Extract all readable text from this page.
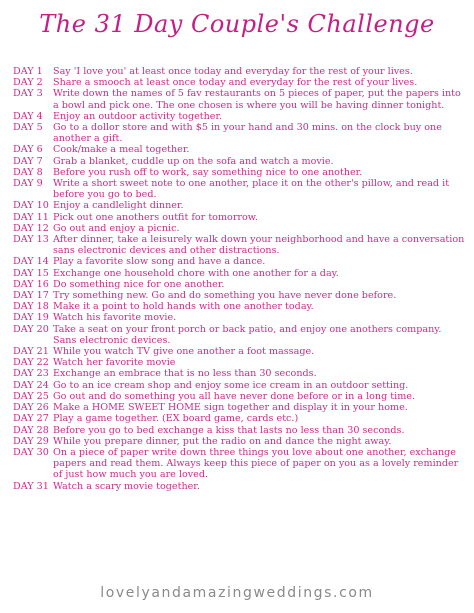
The 31 Day Couple's Challenge
DAY 1	Say 'I love you' at least once today and everyday for the rest of your lives.
DAY 2	Share a smooch at least once today and everyday for the rest of your lives.
DAY 3	Write down the names of 5 fav restaurants on 5 pieces of paper, put the papers into a bowl and pick one. The one chosen is where you will be having dinner tonight.
DAY 4	Enjoy an outdoor activity together.
DAY 5	Go to a dollor store and with $5 in your hand and 30 mins. on the clock buy one another a gift.
DAY 6	Cook/make a meal together.
DAY 7	Grab a blanket, cuddle up on the sofa and watch a movie.
DAY 8	Before you rush off to work, say something nice to one another.
DAY 9	Write a short sweet note to one another, place it on the other's pillow, and read it before you go to bed.
DAY 10 Enjoy a candlelight dinner.
DAY 11 Pick out one anothers outfit for tomorrow.
DAY 12 Go out and enjoy a picnic.
DAY 13 After dinner, take a leisurely walk down your neighborhood and have a conversation sans electronic devices and other distractions.
DAY 14 Play a favorite slow song and have a dance.
DAY 15 Exchange one household chore with one another for a day.
DAY 16 Do something nice for one another.
DAY 17 Try something new. Go and do something you have never done before.
DAY 18 Make it a point to hold hands with one another today.
DAY 19 Watch his favorite movie.
DAY 20 Take a seat on your front porch or back patio, and enjoy one anothers company. Sans electronic devices.
DAY 21 While you watch TV give one another a foot massage.
DAY 22 Watch her favorite movie
DAY 23 Exchange an embrace that is no less than 30 seconds.
DAY 24 Go to an ice cream shop and enjoy some ice cream in an outdoor setting.
DAY 25 Go out and do something you all have never done before or in a long time.
DAY 26 Make a HOME SWEET HOME sign together and display it in your home.
DAY 27 Play a game together. (EX board game, cards etc.)
DAY 28 Before you go to bed exchange a kiss that lasts no less than 30 seconds.
DAY 29 While you prepare dinner, put the radio on and dance the night away.
DAY 30 On a piece of paper write down three things you love about one another, exchange papers and read them. Always keep this piece of paper on you as a lovely reminder of just how much you are loved.
DAY 31 Watch a scary movie together.
lovelyandamazingweddings.com
